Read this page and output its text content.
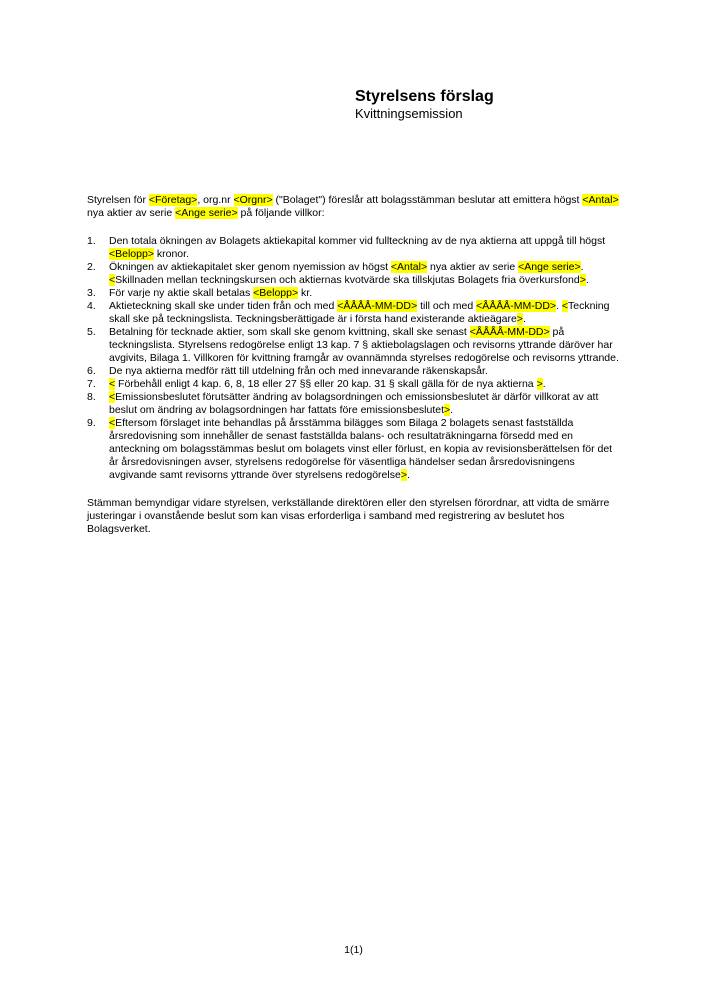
Styrelsens förslag
Kvittningsemission

Styrelsen för <Företag>, org.nr <Orgnr> ("Bolaget") föreslår att bolagsstämman beslutar att emittera högst <Antal> nya aktier av serie <Ange serie> på följande villkor:

1. Den totala ökningen av Bolagets aktiekapital kommer vid fullteckning av de nya aktierna att uppgå till högst <Belopp> kronor.
2. Ökningen av aktiekapitalet sker genom nyemission av högst <Antal> nya aktier av serie <Ange serie>. <Skillnaden mellan teckningskursen och aktiernas kvotvärde ska tillskjutas Bolagets fria överkursfond>.
3. För varje ny aktie skall betalas <Belopp> kr.
4. Aktieteckning skall ske under tiden från och med <ÅÅÅÅ-MM-DD> till och med <ÅÅÅÅ-MM-DD>. <Teckning skall ske på teckningslista. Teckningsberättigade är i första hand existerande aktieägare>.
5. Betalning för tecknade aktier, som skall ske genom kvittning, skall ske senast <ÅÅÅÅ-MM-DD> på teckningslista. Styrelsens redogörelse enligt 13 kap. 7 § aktiebolagslagen och revisorns yttrande däröver har avgivits, Bilaga 1. Villkoren för kvittning framgår av ovannämnda styrelses redogörelse och revisorns yttrande.
6. De nya aktierna medför rätt till utdelning från och med innevarande räkenskapsår.
7. < Förbehåll enligt 4 kap. 6, 8, 18 eller 27 §§ eller 20 kap. 31 § skall gälla för de nya aktierna >.
8. <Emissionsbeslutet förutsätter ändring av bolagsordningen och emissionsbeslutet är därför villkorat av att beslut om ändring av bolagsordningen har fattats före emissionsbeslutet>.
9. <Eftersom förslaget inte behandlas på årsstämma bilägges som Bilaga 2 bolagets senast fastställda årsredovisning som innehåller de senast fastställda balans- och resultaträkningarna försedd med en anteckning om bolagsstämmas beslut om bolagets vinst eller förlust, en kopia av revisionsberättelsen för det år årsredovisningen avser, styrelsens redogörelse för väsentliga händelser sedan årsredovisningens avgivande samt revisorns yttrande över styrelsens redogörelse>.

Stämman bemyndigar vidare styrelsen, verkställande direktören eller den styrelsen förordnar, att vidta de smärre justeringar i ovanstående beslut som kan visas erforderliga i samband med registrering av beslutet hos Bolagsverket.

1(1)
